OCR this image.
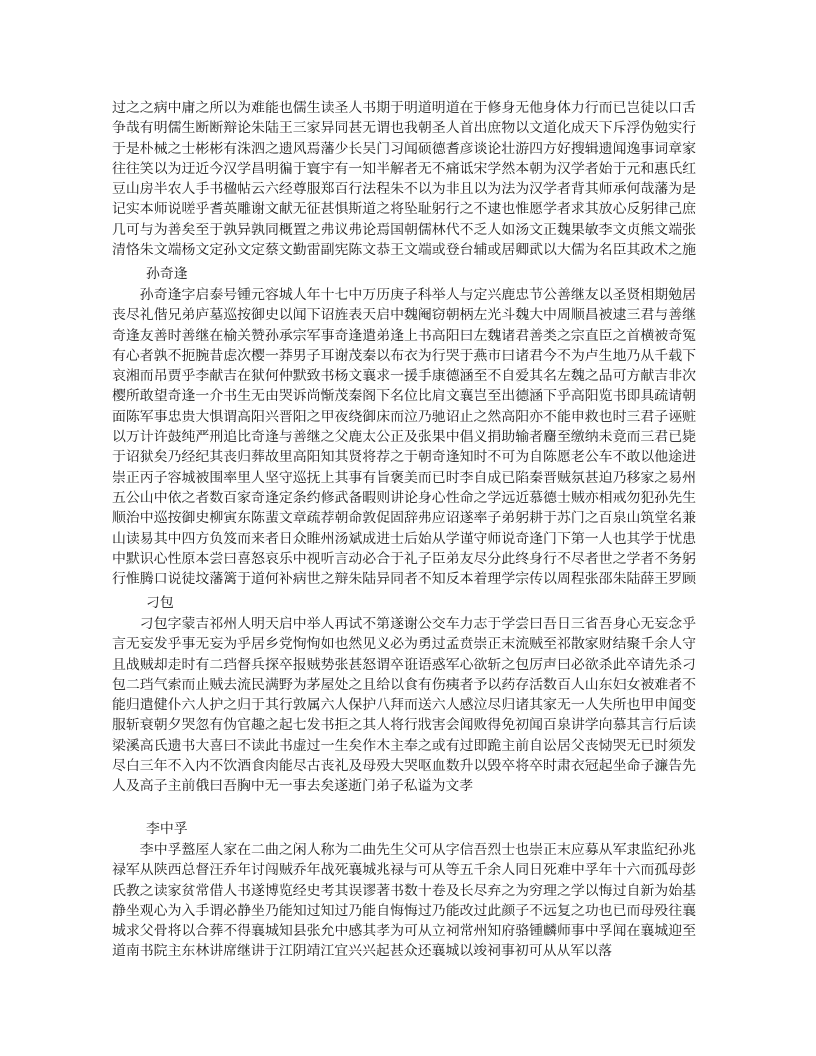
过之之病中庸之所以为难能也儒生读圣人书期于明道明道在于修身无他身体力行而已岂徒以口舌争哉有明儒生断断辩论朱陆王三家异同甚无谓也我朝圣人首出庶物以文道化成天下斥浮伪勉实行于是朴械之士彬彬有洙泗之遗风焉藩少长吴门习闻硕德耆彦谈论壮游四方好搜辑遗闻逸事词章家往往笑以为迂近今汉学昌明徧于寰宇有一知半解者无不痛诋宋学然本朝为汉学者始于元和惠氏红豆山房半农人手书楹帖云六经尊服郑百行法程朱不以为非且以为法为汉学者背其师承何哉藩为是记实本师说嗟乎耆英雕谢文献无征甚惧斯道之将坠耻躬行之不逮也惟愿学者求其放心反躬律己庶几可与为善矣至于孰异孰同概置之弗议弗论焉国朝儒林代不乏人如汤文正魏果敏李文贞熊文端张清恪朱文端杨文定孙文定蔡文勤雷副宪陈文恭王文端或登台辅或居卿貮以大儒为名臣其政术之施
孙奇逢
孙奇逢字启泰号锺元容城人年十七中万历庚子科举人与定兴鹿忠节公善继友以圣贤相期勉居丧尽礼偕兄弟庐墓巡按御史以闻下诏旌表天启中魏阉窃朝柄左光斗魏大中周顺昌被逮三君与善继奇逢友善时善继在榆关赞孙承宗军事奇逢遣弟逢上书高阳曰左魏诸君善类之宗直臣之首横被奇冤有心者孰不扼腕昔虑次樱一莽男子耳谢茂秦以布衣为行哭于燕市曰诸君今不为卢生地乃从千载下哀湘而吊贾乎李献吉在狱何仲默致书杨文襄求一援手康德涵至不自爱其名左魏之品可方献吉非次樱所敢望奇逢一介书生无由哭诉尚惭茂秦阁下名位比肩文襄岂至出德涵下乎高阳览书即具疏请朝面陈军事忠贵大惧谓高阳兴晋阳之甲夜绕御床而泣乃驰诏止之然高阳亦不能申救也时三君子诬赃以万计许鼓纯严刑追比奇逢与善继之父鹿太公正及张果中倡义捐助输者麕至缴纳未竟而三君已毙于诏狱矣乃经纪其丧归葬故里高阳知其贤将荐之于朝奇逢知时不可为自陈愿老公车不敢以他途进崇正丙子容城被围率里人坚守巡抚上其事有旨褒美而已时李自成已陷秦晋贼氛甚迫乃移家之易州五公山中依之者数百家奇逢定条约修武备暇则讲论身心性命之学远近慕德士贼亦相戒勿犯孙先生顺治中巡按御史柳寅东陈蜚文章疏荐朝命敦促固辞弗应诏遂率子弟躬耕于苏门之百泉山筑堂名兼山读易其中四方负笈而来者日众睢州汤斌成进士后始从学谨守师说奇逢门下第一人也其学于忧患中默识心性原本尝曰喜怒哀乐中视听言动必合于礼子臣弟友尽分此终身行不尽者世之学者不务躬行惟腾口说徒坟藩篱于道何补病世之辩朱陆异同者不知反本着理学宗传以周程张邵朱陆薛王罗顾
刁包
刁包字蒙吉祁州人明天启中举人再试不第遂谢公交车力志于学尝曰吾日三省吾身心无妄念乎言无妄发乎事无妄为乎居乡党恂恂如也然见义必为勇过孟贲崇正末流贼至祁散家财结聚千余人守且战贼却走时有二珰督兵探卒报贼势张甚怒谓卒诳语惑军心欲斩之包厉声曰必欲杀此卒请先杀刁包二珰气索而止贼去流民满野为茅屋处之且给以食有伤痍者予以药存活数百人山东妇女被难者不能归遣健仆六人护之归于其行敦属六人保护八拜而送六人感泣尽归诸其家无一人失所也甲申闻变服斩衰朝夕哭忽有伪官趣之起七发书拒之其人将行戕害会闻败得免初闻百泉讲学向慕其言行后读梁溪高氏遗书大喜曰不读此书虚过一生矣作木主奉之或有过即跪主前自讼居父丧恸哭无已时须发尽白三年不入内不饮酒食肉能尽古丧礼及母殁大哭呕血数升以毁卒将卒时肃衣冠起坐命子濂告先人及高子主前俄曰吾胸中无一事去矣遂逝门弟子私谥为文孝
李中孚
李中孚盩厔人家在二曲之闲人称为二曲先生父可从字信吾烈士也崇正末应募从军隶监纪孙兆禄军从陕西总督汪乔年讨闯贼乔年战死襄城兆禄与可从等五千余人同日死难中孚年十六而孤母彭氏教之读家贫常借人书遂博览经史考其误谬著书数十卷及长尽弃之为穷理之学以悔过自新为始基静坐观心为入手谓必静坐乃能知过知过乃能自悔悔过乃能改过此颜子不远复之功也已而母殁往襄城求父骨将以合葬不得襄城知县张允中感其孝为可从立祠常州知府骆锺麟师事中孚闻在襄城迎至道南书院主东林讲席继讲于江阴靖江宜兴兴起甚众还襄城以竣祠事初可从从军以落
